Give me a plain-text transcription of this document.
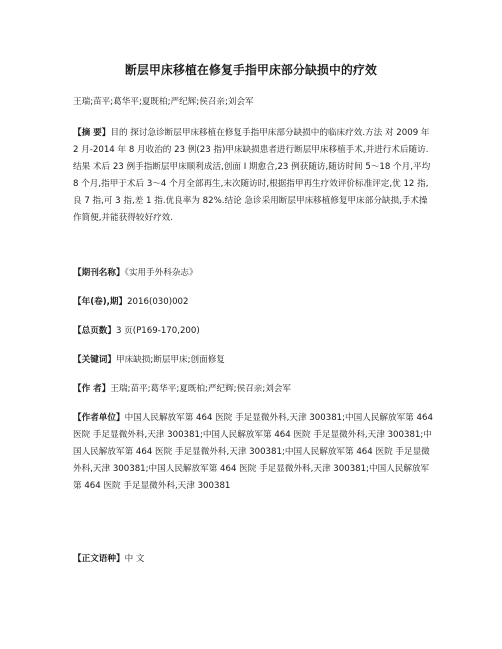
断层甲床移植在修复手指甲床部分缺损中的疗效
王瑞;苗平;葛华平;夏既柏;严纪辉;侯召亲;刘会军
【摘 要】目的 探讨急诊断层甲床移植在修复手指甲床部分缺损中的临床疗效.方法 对 2009 年 2 月-2014 年 8 月收治的 23 例(23 指)甲床缺损患者进行断层甲床移植手术,并进行术后随访.结果 术后 23 例手指断层甲床顺利成活,创面 I 期愈合,23 例获随访,随访时间 5～18 个月,平均 8 个月,指甲于术后 3～4 个月全部再生,末次随访时,根据指甲再生疗效评价标准评定,优 12 指,良 7 指,可 3 指,差 1 指.优良率为 82%.结论 急诊采用断层甲床移植修复甲床部分缺损,手术操作简便,并能获得较好疗效.
【期刊名称】《实用手外科杂志》
【年(卷),期】2016(030)002
【总页数】3 页(P169-170,200)
【关键词】甲床缺损;断层甲床;创面修复
【作 者】王瑞;苗平;葛华平;夏既柏;严纪辉;侯召亲;刘会军
【作者单位】中国人民解放军第 464 医院 手足显微外科,天津 300381;中国人民解放军第 464 医院 手足显微外科,天津 300381;中国人民解放军第 464 医院 手足显微外科,天津 300381;中国人民解放军第 464 医院 手足显微外科,天津 300381;中国人民解放军第 464 医院 手足显微外科,天津 300381;中国人民解放军第 464 医院 手足显微外科,天津 300381;中国人民解放军第 464 医院 手足显微外科,天津 300381
【正文语种】中 文
